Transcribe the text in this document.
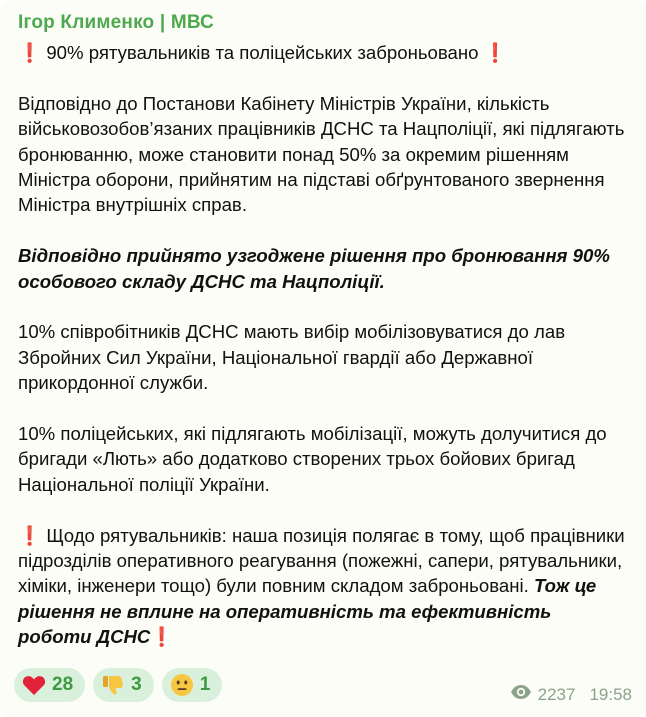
Ігор Клименко | МВС

❗ 90% рятувальників та поліцейських заброньовано ❗

Відповідно до Постанови Кабінету Міністрів України, кількість військовозобов’язаних працівників ДСНС та Нацполіції, які підлягають бронюванню, може становити понад 50% за окремим рішенням Міністра оборони, прийнятим на підставі обґрунтованого звернення Міністра внутрішніх справ.

Відповідно прийнято узгоджене рішення про бронювання 90% особового складу ДСНС та Нацполіції.

10% співробітників ДСНС мають вибір мобілізовуватися до лав Збройних Сил України, Національної гвардії або Державної прикордонної служби.

10% поліцейських, які підлягають мобілізації, можуть долучитися до бригади «Лють» або додатково створених трьох бойових бригад Національної поліції України.

❗ Щодо рятувальників: наша позиція полягає в тому, щоб працівники підрозділів оперативного реагування (пожежні, сапери, рятувальники, хіміки, інженери тощо) були повним складом заброньовані. Тож це рішення не вплине на оперативність та ефективність роботи ДСНС❗

28	3	1	2237 19:58
